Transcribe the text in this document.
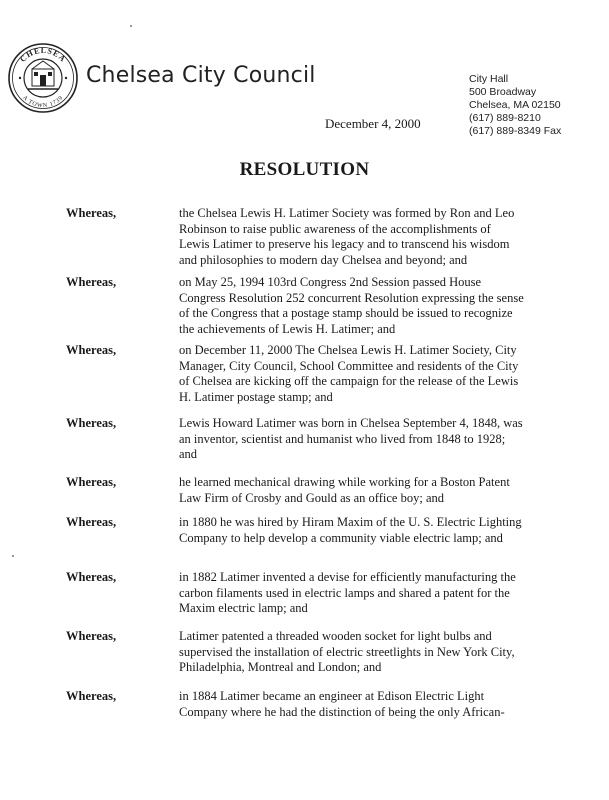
CHELSEA
A TOWN 1739
Chelsea City Council	City Hall
500 Broadway
Chelsea, MA 02150
(617) 889-8210
(617) 889-8349 Fax
December 4, 2000
RESOLUTION
Whereas,	the Chelsea Lewis H. Latimer Society was formed by Ron and Leo Robinson to raise public awareness of the accomplishments of Lewis Latimer to preserve his legacy and to transcend his wisdom and philosophies to modern day Chelsea and beyond; and
Whereas,	on May 25, 1994 103rd Congress 2nd Session passed House Congress Resolution 252 concurrent Resolution expressing the sense of the Congress that a postage stamp should be issued to recognize the achievements of Lewis H. Latimer; and
Whereas,	on December 11, 2000 The Chelsea Lewis H. Latimer Society, City Manager, City Council, School Committee and residents of the City of Chelsea are kicking off the campaign for the release of the Lewis H. Latimer postage stamp; and
Whereas,	Lewis Howard Latimer was born in Chelsea September 4, 1848, was an inventor, scientist and humanist who lived from 1848 to 1928; and
Whereas,	he learned mechanical drawing while working for a Boston Patent Law Firm of Crosby and Gould as an office boy; and
Whereas,	in 1880 he was hired by Hiram Maxim of the U. S. Electric Lighting Company to help develop a community viable electric lamp; and
Whereas,	in 1882 Latimer invented a devise for efficiently manufacturing the carbon filaments used in electric lamps and shared a patent for the Maxim electric lamp; and
Whereas,	Latimer patented a threaded wooden socket for light bulbs and supervised the installation of electric streetlights in New York City, Philadelphia, Montreal and London; and
Whereas,	in 1884 Latimer became an engineer at Edison Electric Light Company where he had the distinction of being the only African-
